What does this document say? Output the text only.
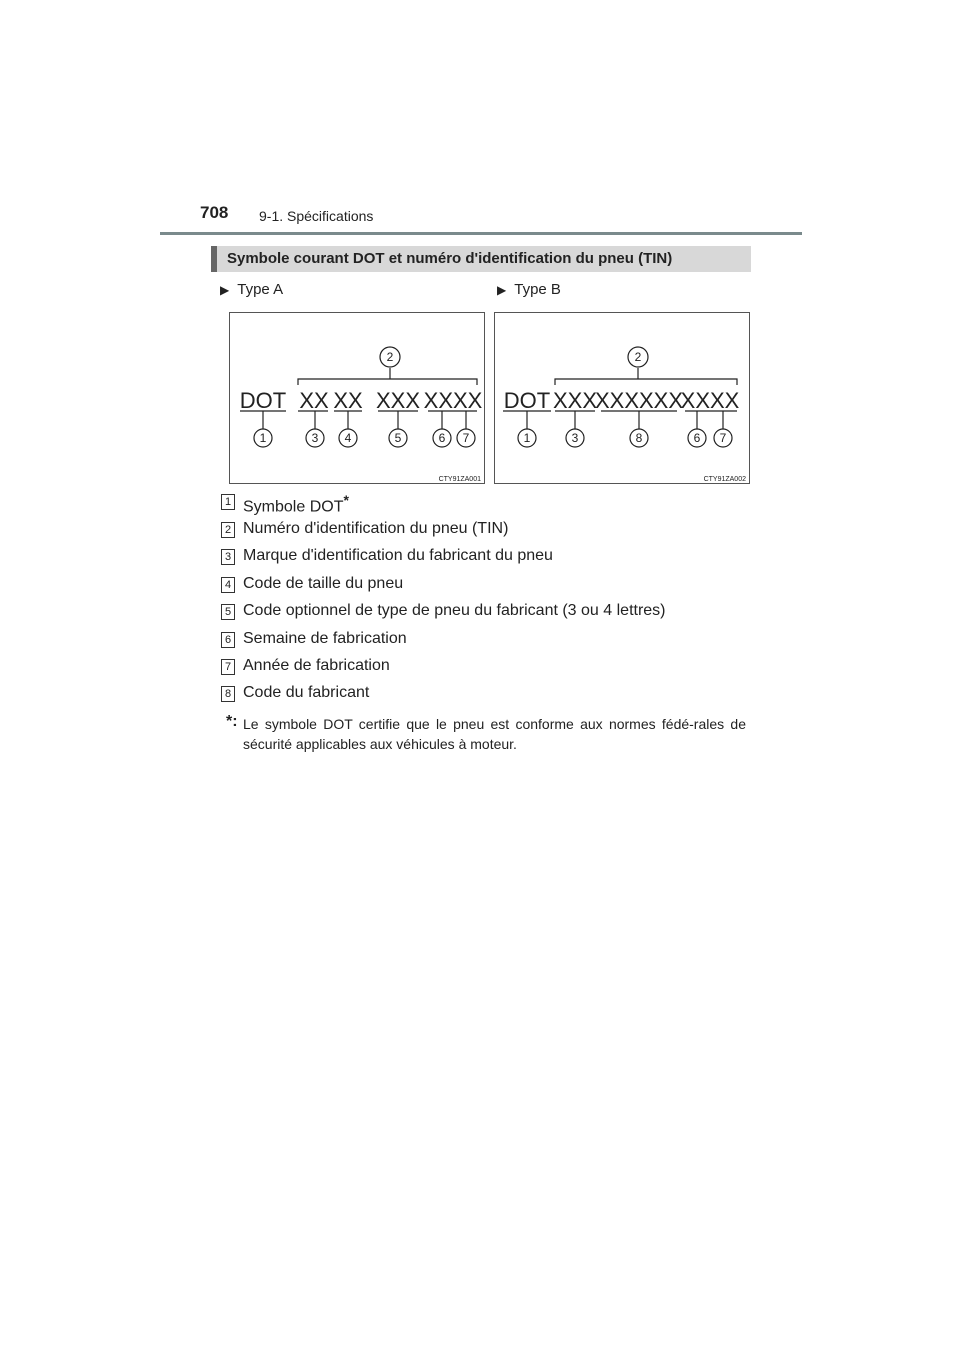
708 9-1. Spécifications
Symbole courant DOT et numéro d'identification du pneu (TIN)
▶ Type A	▶ Type B
DOT XX XX XXX XXXX
2
1	3 4	5	6 7
CTY91ZA001
DOT XXX
XXXXXX
XXXX
2
1	3	8	6 7
CTY91ZA002
1 Symbole DOT*
2 Numéro d'identification du pneu (TIN)
3 Marque d'identification du fabricant du pneu
4 Code de taille du pneu
5 Code optionnel de type de pneu du fabricant (3 ou 4 lettres)
6 Semaine de fabrication
7 Année de fabrication
8 Code du fabricant
*: Le symbole DOT certifie que le pneu est conforme aux normes fédé-rales de sécurité applicables aux véhicules à moteur.
